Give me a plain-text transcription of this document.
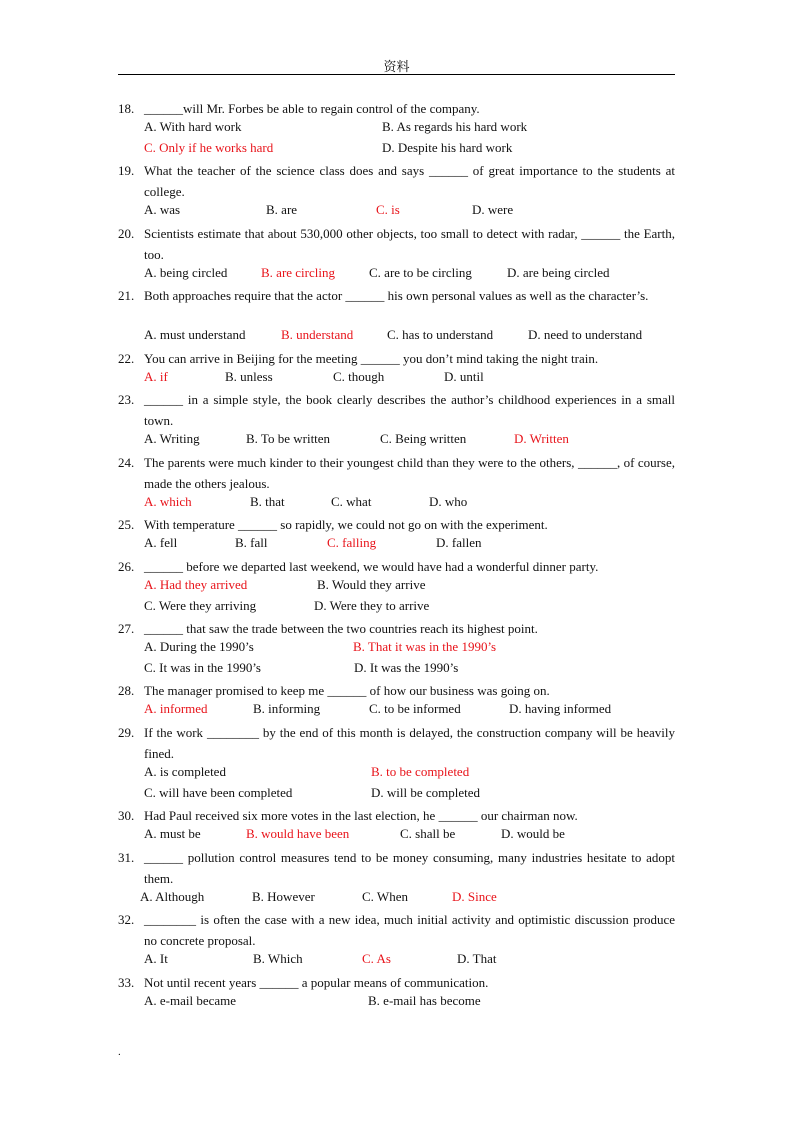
资料
18. ______will Mr. Forbes be able to regain control of the company.
A. With hard work	B. As regards his hard work
C. Only if he works hard	D. Despite his hard work
19. What the teacher of the science class does and says ______ of great importance to the students at college.
A. was	B. are	C. is	D. were
20. Scientists estimate that about 530,000 other objects, too small to detect with radar, ______ the Earth, too.
A. being circled	B. are circling	C. are to be circling	D. are being circled
21. Both approaches require that the actor ______ his own personal values as well as the character’s.
A. must understand	B. understand	C. has to understand	D. need to understand
22. You can arrive in Beijing for the meeting ______ you don’t mind taking the night train.
A. if	B. unless	C. though	D. until
23. ______ in a simple style, the book clearly describes the author’s childhood experiences in a small town.
A. Writing	B. To be written	C. Being written	D. Written
24. The parents were much kinder to their youngest child than they were to the others, ______, of course, made the others jealous.
A. which	B. that	C. what	D. who
25. With temperature ______ so rapidly, we could not go on with the experiment.
A. fell	B. fall	C. falling	D. fallen
26. ______ before we departed last weekend, we would have had a wonderful dinner party.
A. Had they arrived	B. Would they arrive
C. Were they arriving	D. Were they to arrive
27. ______ that saw the trade between the two countries reach its highest point.
A. During the 1990’s	B. That it was in the 1990’s
C. It was in the 1990’s	D. It was the 1990’s
28. The manager promised to keep me ______ of how our business was going on.
A. informed	B. informing	C. to be informed	D. having informed
29. If the work ________ by the end of this month is delayed, the construction company will be heavily fined.
A. is completed	B. to be completed
C. will have been completed	D. will be completed
30. Had Paul received six more votes in the last election, he ______ our chairman now.
A. must be	B. would have been	C. shall be	D. would be
31. ______ pollution control measures tend to be money consuming, many industries hesitate to adopt them.
A. Although	B. However	C. When	D. Since
32. ________ is often the case with a new idea, much initial activity and optimistic discussion produce no concrete proposal.
A. It	B. Which	C. As	D. That
33. Not until recent years ______ a popular means of communication.
A. e-mail became	B. e-mail has become
.
